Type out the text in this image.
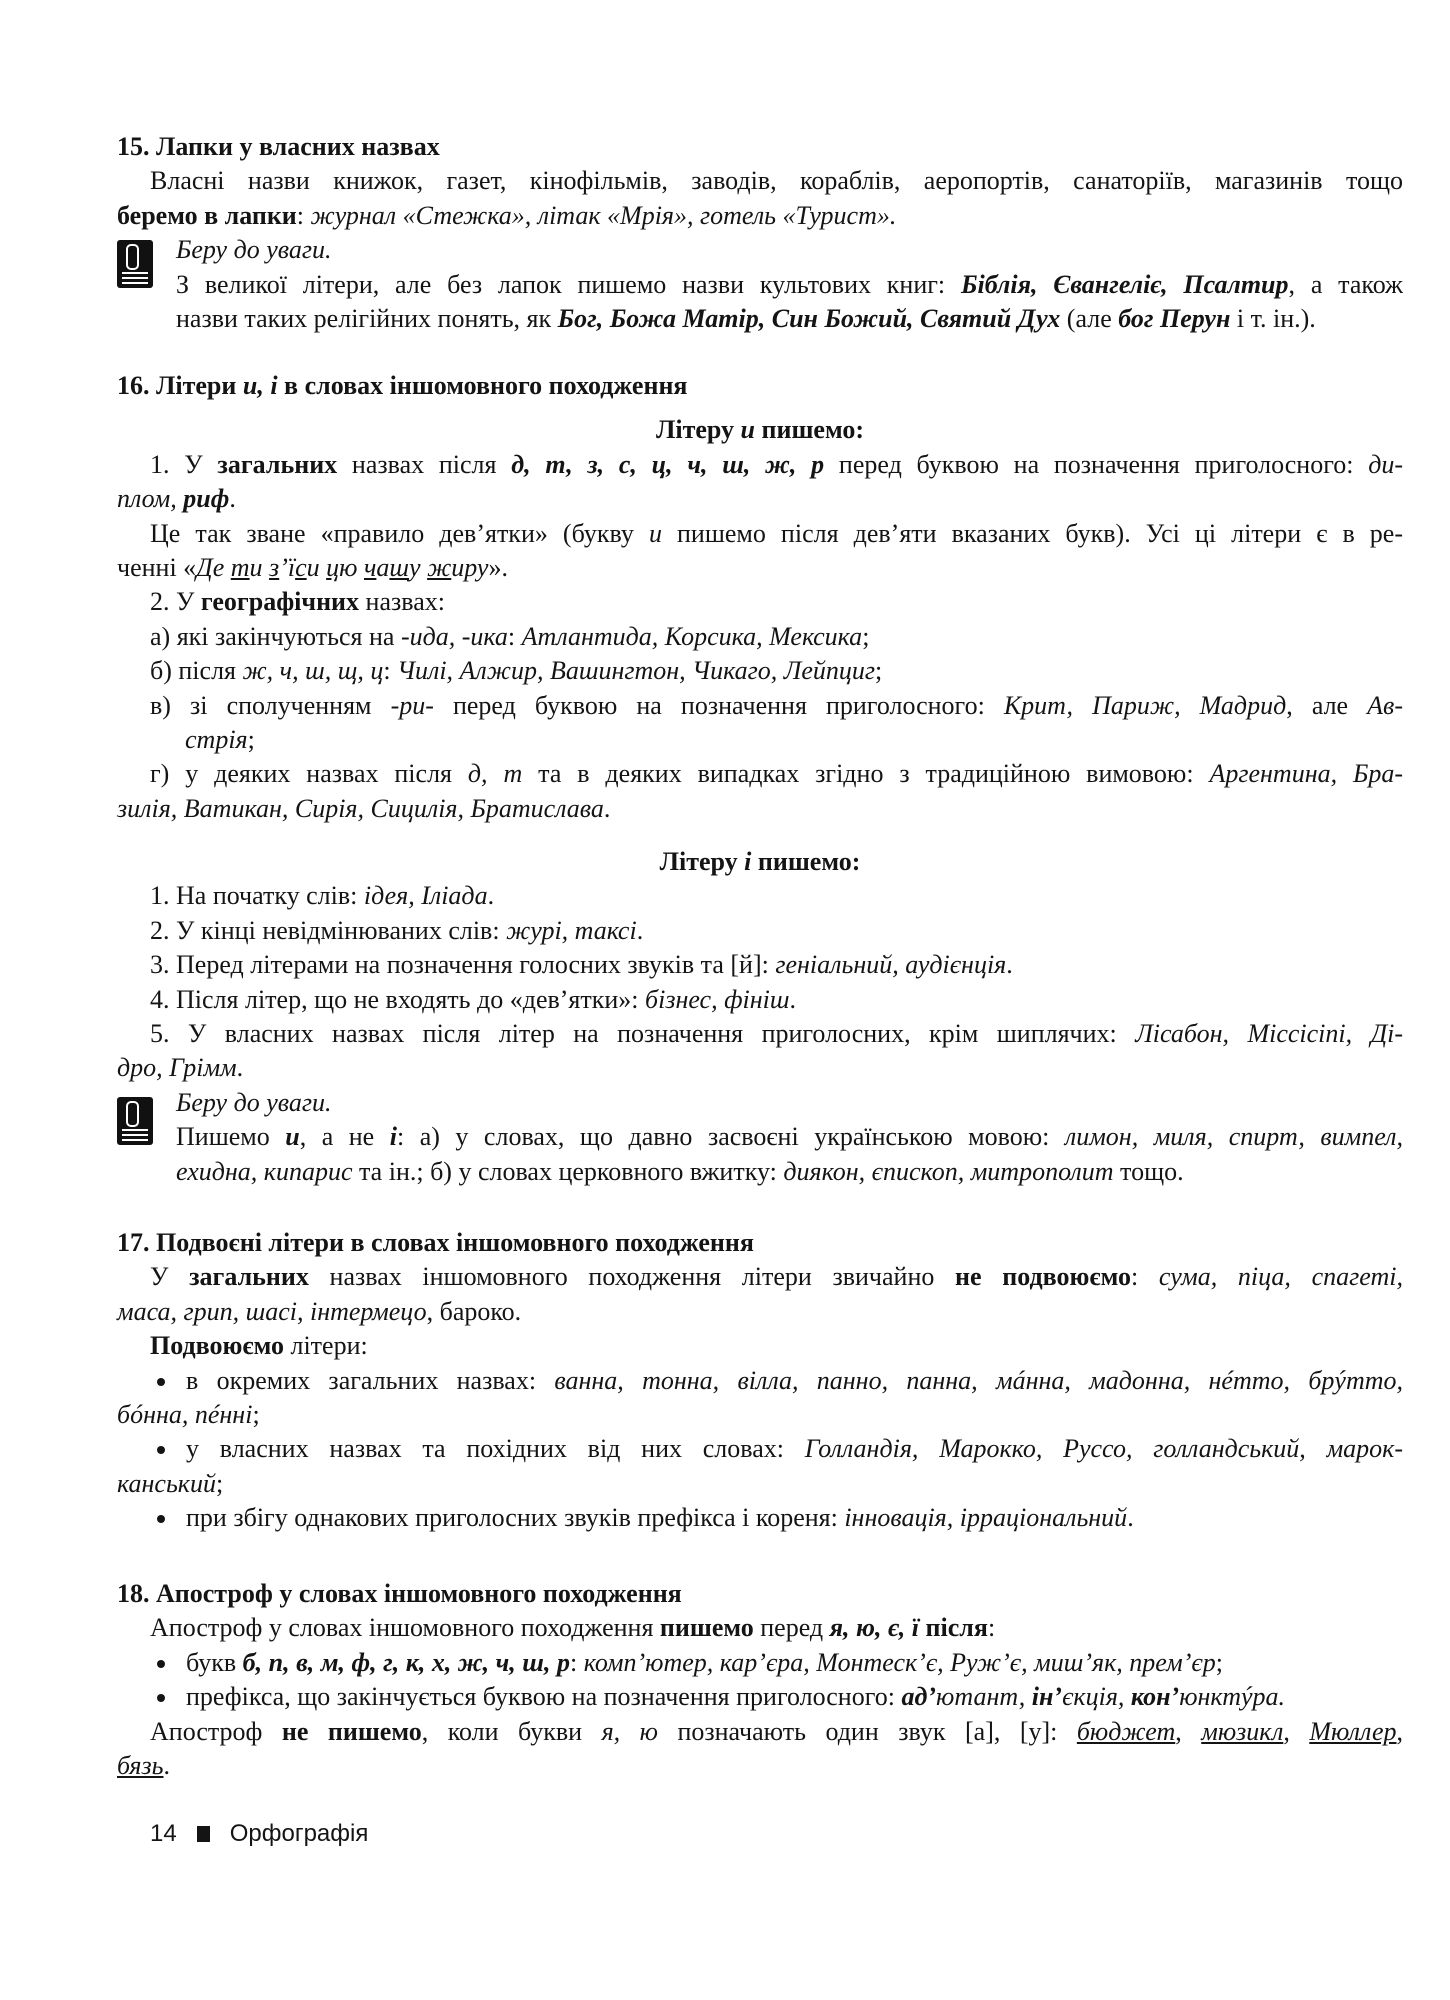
15. Лапки у власних назвах
Власні назви книжок, газет, кінофільмів, заводів, кораблів, аеропортів, санаторіїв, магазинів тощо
беремо в лапки: журнал «Стежка», літак «Мрія», готель «Турист».
Беру до уваги.
З великої літери, але без лапок пишемо назви культових книг: Біблія, Євангеліє, Псалтир, а також
назви таких релігійних понять, як Бог, Божа Матір, Син Божий, Святий Дух (але бог Перун і т. ін.).
16. Літери и, і в словах іншомовного походження
Літеру и пишемо:
1. У загальних назвах після д, т, з, с, ц, ч, ш, ж, р перед буквою на позначення приголосного: ди-
плом, риф.
Це так зване «правило дев’ятки» (букву и пишемо після дев’яти вказаних букв). Усі ці літери є в ре-
ченні «Де ти з’їси цю чашу жиру».
2. У географічних назвах:
а) які закінчуються на -ида, -ика: Атлантида, Корсика, Мексика;
б) після ж, ч, ш, щ, ц: Чилі, Алжир, Вашингтон, Чикаго, Лейпциг;
в) зі сполученням -ри- перед буквою на позначення приголосного: Крит, Париж, Мадрид, але Ав-
стрія;
г) у деяких назвах після д, т та в деяких випадках згідно з традиційною вимовою: Аргентина, Бра-
зилія, Ватикан, Сирія, Сицилія, Братислава.
Літеру і пишемо:
1. На початку слів: ідея, Іліада.
2. У кінці невідмінюваних слів: журі, таксі.
3. Перед літерами на позначення голосних звуків та [й]: геніальний, аудієнція.
4. Після літер, що не входять до «дев’ятки»: бізнес, фініш.
5. У власних назвах після літер на позначення приголосних, крім шиплячих: Лісабон, Міссісіпі, Ді-
дро, Грімм.
Беру до уваги.
Пишемо и, а не і: а) у словах, що давно засвоєні українською мовою: лимон, миля, спирт, вимпел,
ехидна, кипарис та ін.; б) у словах церковного вжитку: диякон, єпископ, митрополит тощо.
17. Подвоєні літери в словах іншомовного походження
У загальних назвах іншомовного походження літери звичайно не подвоюємо: сума, піца, спагеті,
маса, грип, шасі, інтермецо, бароко.
Подвоюємо літери:
в окремих загальних назвах: ванна, тонна, вілла, панно, панна, мáнна, мадонна, нéтто, брýтто,
бóнна, пéнні;
у власних назвах та похідних від них словах: Голландія, Марокко, Руссо, голландський, марок-
канський;
при збігу однакових приголосних звуків префікса і кореня: інновація, ірраціональний.
18. Апостроф у словах іншомовного походження
Апостроф у словах іншомовного походження пишемо перед я, ю, є, ї після:
букв б, п, в, м, ф, г, к, х, ж, ч, ш, р: комп’ютер, кар’єра, Монтеск’є, Руж’є, миш’як, прем’єр;
префікса, що закінчується буквою на позначення приголосного: ад’ютант, ін’єкція, кон’юнктýра.
Апостроф не пишемо, коли букви я, ю позначають один звук [а], [у]: бюджет, мюзикл, Мюллер,
бязь.
14 Орфографія
